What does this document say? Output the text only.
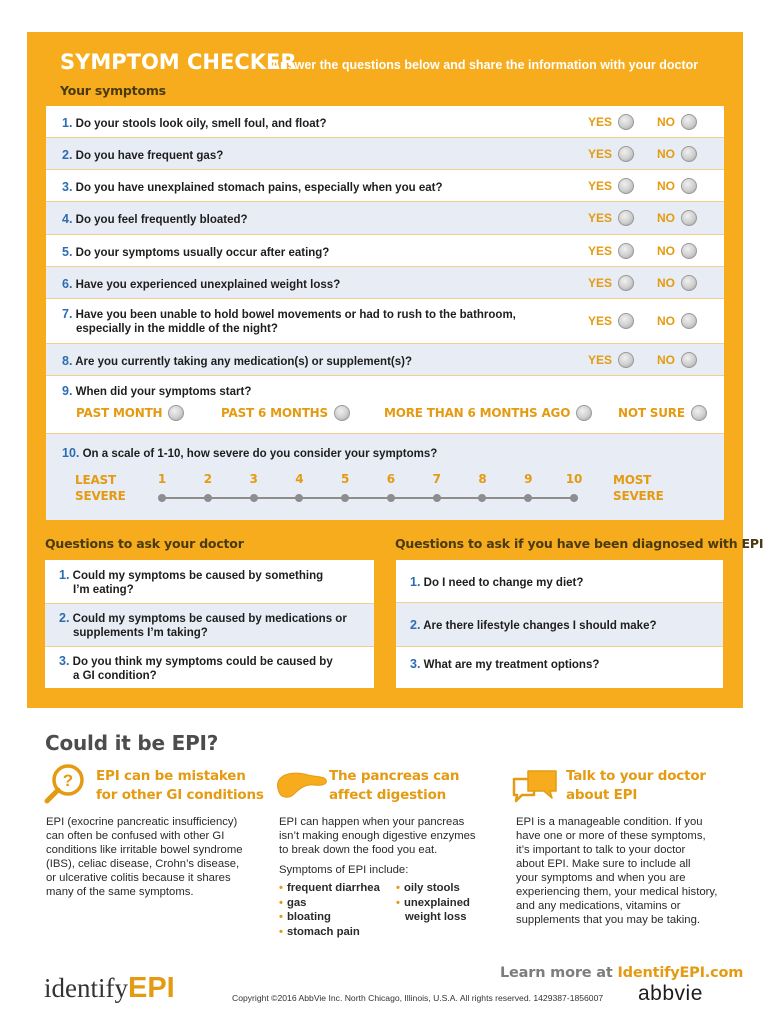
SYMPTOM CHECKER
Answer the questions below and share the information with your doctor
Your symptoms
1. Do your stools look oily, smell foul, and float?	YES	NO
2. Do you have frequent gas?	YES	NO
3. Do you have unexplained stomach pains, especially when you eat?	YES	NO
4. Do you feel frequently bloated?	YES	NO
5. Do your symptoms usually occur after eating?	YES	NO
6. Have you experienced unexplained weight loss?	YES	NO
7. Have you been unable to hold bowel movements or had to rush to the bathroom,
especially in the middle of the night?
YES	NO
8. Are you currently taking any medication(s) or supplement(s)?	YES	NO
9. When did your symptoms start?
PAST MONTH	PAST 6 MONTHS	MORE THAN 6 MONTHS AGO	NOT SURE
10. On a scale of 1-10, how severe do you consider your symptoms?
LEAST
SEVERE
MOST
SEVERE
1	2	3	4	5	6	7	8	9	10
Questions to ask your doctor	Questions to ask if you have been diagnosed with EPI
1. Could my symptoms be caused by something
I’m eating?
2. Could my symptoms be caused by medications or
supplements I’m taking?
3. Do you think my symptoms could be caused by
a GI condition?
1. Do I need to change my diet?
2. Are there lifestyle changes I should make?
3. What are my treatment options?
Could it be EPI?
? EPI can be mistaken
for other GI conditions
EPI (exocrine pancreatic insufficiency)
can often be confused with other GI
conditions like irritable bowel syndrome
(IBS), celiac disease, Crohn’s disease,
or ulcerative colitis because it shares
many of the same symptoms.
The pancreas can
affect digestion
EPI can happen when your pancreas
isn’t making enough digestive enzymes
to break down the food you eat.
Symptoms of EPI include:
• frequent diarrhea
• gas
• bloating
• stomach pain
• oily stools
• unexplained
weight loss
Talk to your doctor
about EPI
EPI is a manageable condition. If you
have one or more of these symptoms,
it’s important to talk to your doctor
about EPI. Make sure to include all
your symptoms and when you are
experiencing them, your medical history,
and any medications, vitamins or
supplements that you may be taking.
identifyEPI	Learn more at IdentifyEPI.com
Copyright ©2016 AbbVie Inc. North Chicago, Illinois, U.S.A. All rights reserved. 1429387-1856007 abbvie
